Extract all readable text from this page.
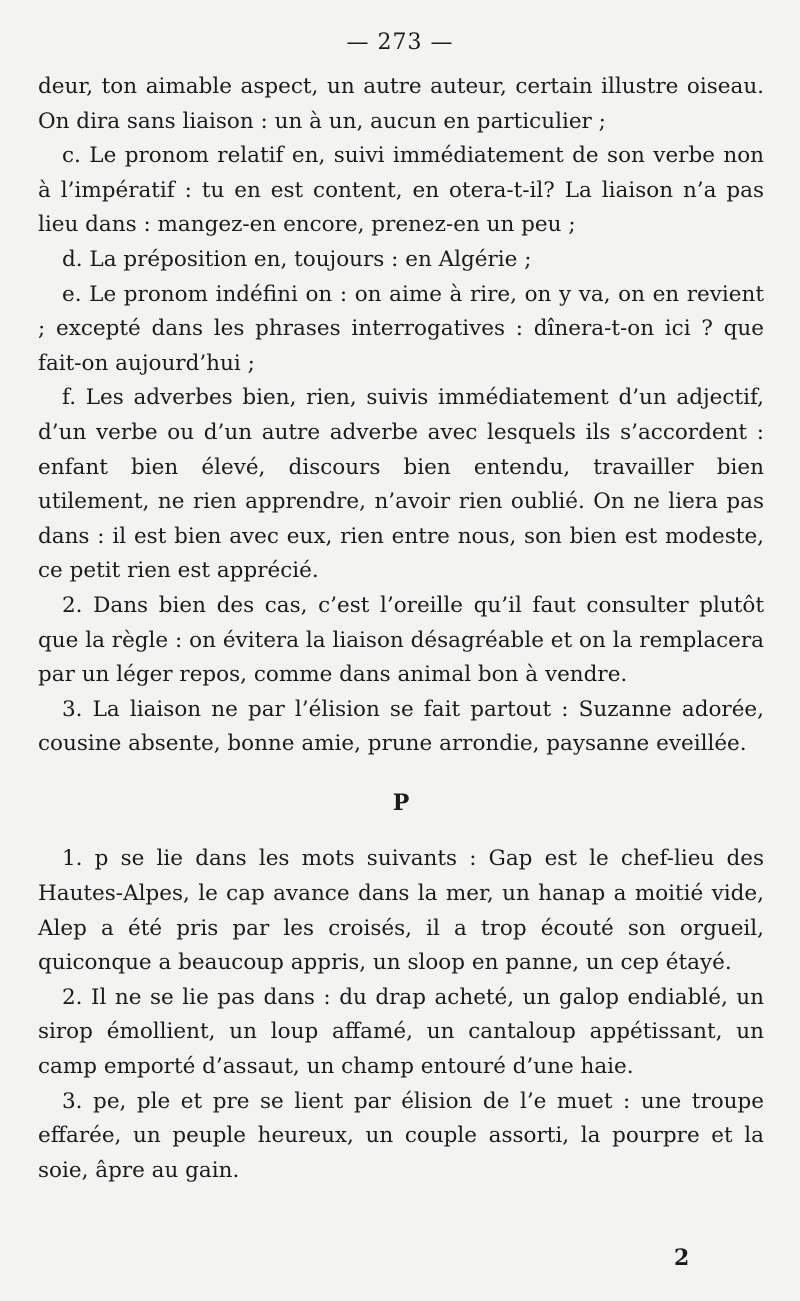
— 273 —

deur, ton aimable aspect, un autre auteur, certain illustre oiseau. On dira sans liaison : un à un, aucun en particulier ;

c. Le pronom relatif en, suivi immédiatement de son verbe non à l’impératif : tu en est content, en otera-t-il? La liaison n’a pas lieu dans : mangez-en encore, prenez-en un peu ;

d. La préposition en, toujours : en Algérie ;

e. Le pronom indéfini on : on aime à rire, on y va, on en revient ; excepté dans les phrases interrogatives : dînera-t-on ici ? que fait-on aujourd’hui ;

f. Les adverbes bien, rien, suivis immédiatement d’un adjectif, d’un verbe ou d’un autre adverbe avec lesquels ils s’accordent : enfant bien élevé, discours bien entendu, travailler bien utilement, ne rien apprendre, n’avoir rien oublié. On ne liera pas dans : il est bien avec eux, rien entre nous, son bien est modeste, ce petit rien est apprécié.

2. Dans bien des cas, c’est l’oreille qu’il faut consulter plutôt que la règle : on évitera la liaison désagréable et on la remplacera par un léger repos, comme dans animal bon à vendre.

3. La liaison ne par l’élision se fait partout : Suzanne adorée, cousine absente, bonne amie, prune arrondie, paysanne eveillée.

P

1. p se lie dans les mots suivants : Gap est le chef-lieu des Hautes-Alpes, le cap avance dans la mer, un hanap a moitié vide, Alep a été pris par les croisés, il a trop écouté son orgueil, quiconque a beaucoup appris, un sloop en panne, un cep étayé.

2. Il ne se lie pas dans : du drap acheté, un galop endiablé, un sirop émollient, un loup affamé, un cantaloup appétissant, un camp emporté d’assaut, un champ entouré d’une haie.

3. pe, ple et pre se lient par élision de l’e muet : une troupe effarée, un peuple heureux, un couple assorti, la pourpre et la soie, âpre au gain.

2
